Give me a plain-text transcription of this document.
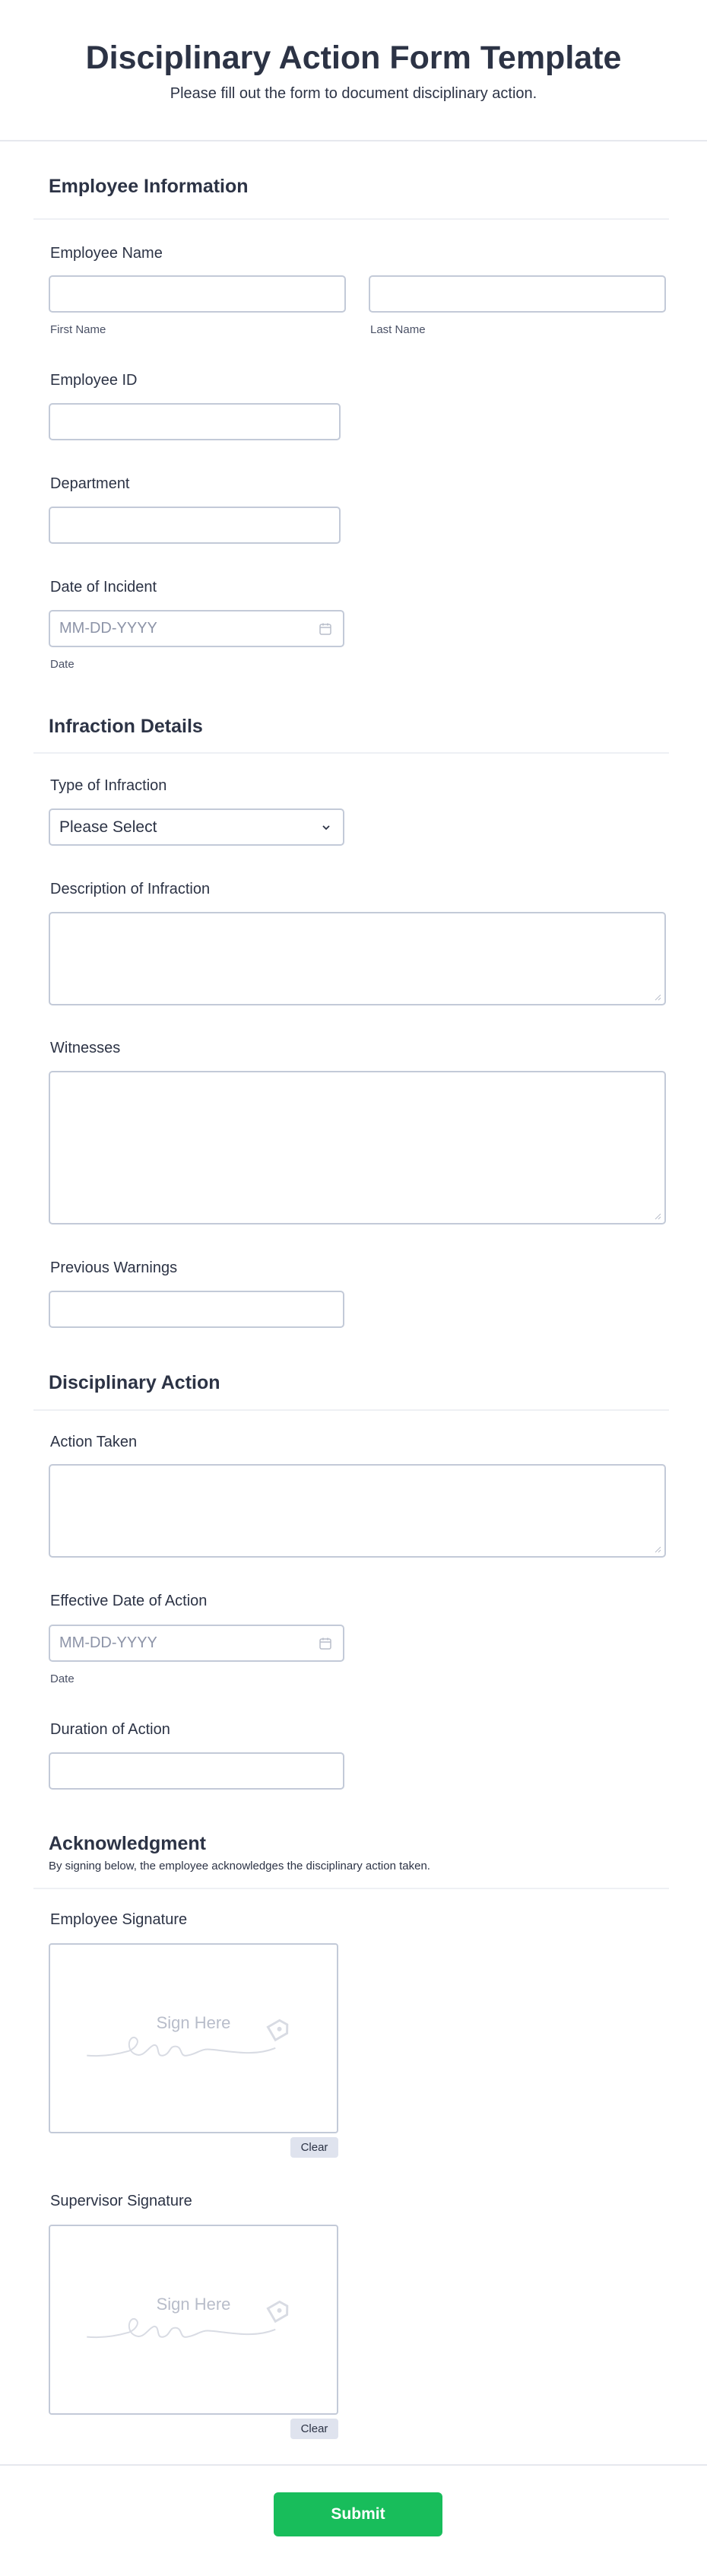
Disciplinary Action Form Template
Please fill out the form to document disciplinary action.
Employee Information
Employee Name
First Name	Last Name
Employee ID
Department
Date of Incident
MM-DD-YYYY
Date
Infraction Details
Type of Infraction
Please Select
Description of Infraction
Witnesses
Previous Warnings
Disciplinary Action
Action Taken
Effective Date of Action
MM-DD-YYYY
Date
Duration of Action
Acknowledgment
By signing below, the employee acknowledges the disciplinary action taken.
Employee Signature
Sign Here
Clear
Supervisor Signature
Sign Here
Clear
Submit
